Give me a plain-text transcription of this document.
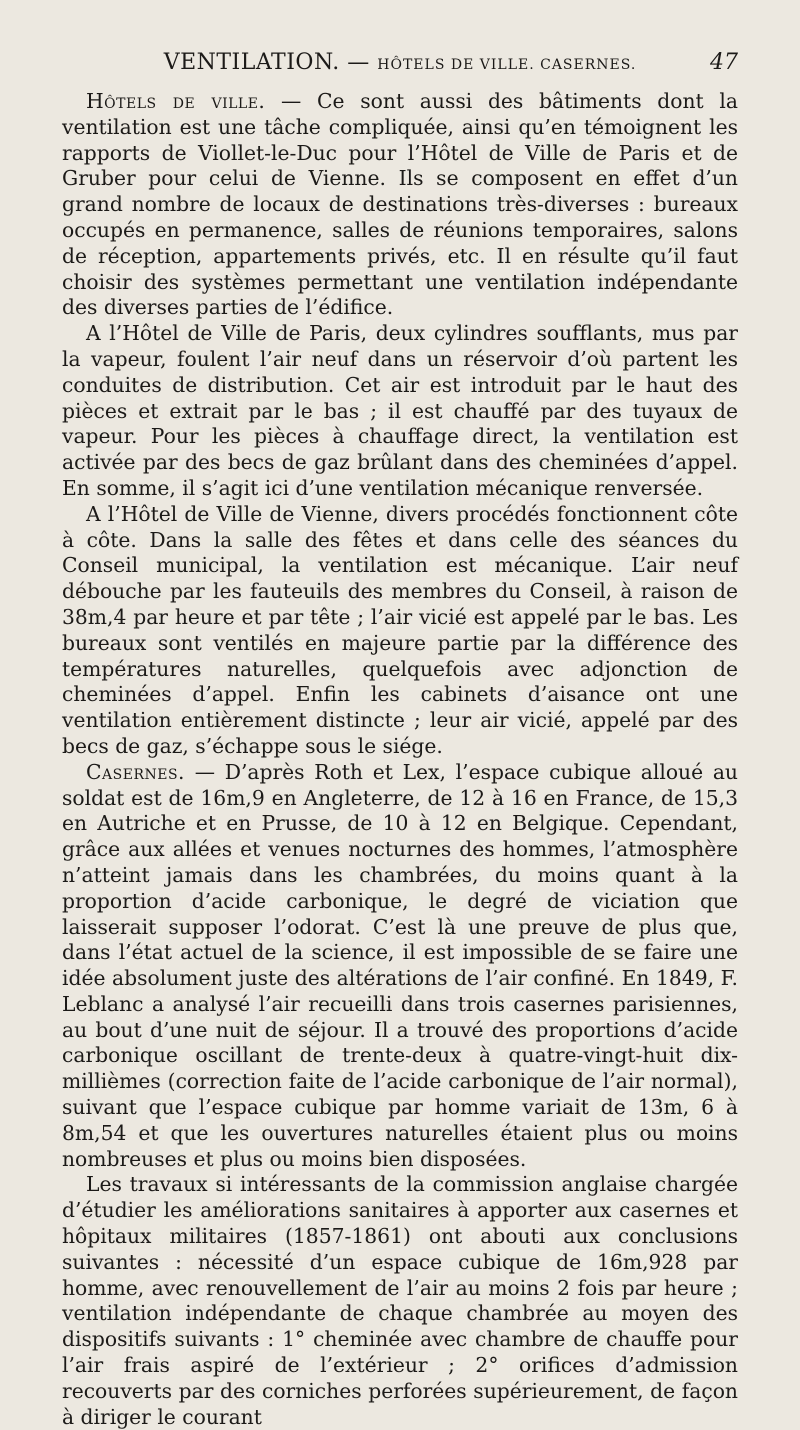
VENTILATION. — HÔTELS DE VILLE. CASERNES.	47

Hôtels de ville. — Ce sont aussi des bâtiments dont la ventilation est une tâche compliquée, ainsi qu’en témoignent les rapports de Viollet-le-Duc pour l’Hôtel de Ville de Paris et de Gruber pour celui de Vienne. Ils se composent en effet d’un grand nombre de locaux de destinations très-diverses : bureaux occupés en permanence, salles de réunions temporaires, salons de réception, appartements privés, etc. Il en résulte qu’il faut choisir des systèmes permettant une ventilation indépendante des diverses parties de l’édifice.

A l’Hôtel de Ville de Paris, deux cylindres soufflants, mus par la vapeur, foulent l’air neuf dans un réservoir d’où partent les conduites de distribution. Cet air est introduit par le haut des pièces et extrait par le bas ; il est chauffé par des tuyaux de vapeur. Pour les pièces à chauffage direct, la ventilation est activée par des becs de gaz brûlant dans des cheminées d’appel. En somme, il s’agit ici d’une ventilation mécanique renversée.

A l’Hôtel de Ville de Vienne, divers procédés fonctionnent côte à côte. Dans la salle des fêtes et dans celle des séances du Conseil municipal, la ventilation est mécanique. L’air neuf débouche par les fauteuils des membres du Conseil, à raison de 38m,4 par heure et par tête ; l’air vicié est appelé par le bas. Les bureaux sont ventilés en majeure partie par la différence des températures naturelles, quelquefois avec adjonction de cheminées d’appel. Enfin les cabinets d’aisance ont une ventilation entièrement distincte ; leur air vicié, appelé par des becs de gaz, s’échappe sous le siége.

Casernes. — D’après Roth et Lex, l’espace cubique alloué au soldat est de 16m,9 en Angleterre, de 12 à 16 en France, de 15,3 en Autriche et en Prusse, de 10 à 12 en Belgique. Cependant, grâce aux allées et venues nocturnes des hommes, l’atmosphère n’atteint jamais dans les chambrées, du moins quant à la proportion d’acide carbonique, le degré de viciation que laisserait supposer l’odorat. C’est là une preuve de plus que, dans l’état actuel de la science, il est impossible de se faire une idée absolument juste des altérations de l’air confiné. En 1849, F. Leblanc a analysé l’air recueilli dans trois casernes parisiennes, au bout d’une nuit de séjour. Il a trouvé des proportions d’acide carbonique oscillant de trente-deux à quatre-vingt-huit dix-millièmes (correction faite de l’acide carbonique de l’air normal), suivant que l’espace cubique par homme variait de 13m, 6 à 8m,54 et que les ouvertures naturelles étaient plus ou moins nombreuses et plus ou moins bien disposées.

Les travaux si intéressants de la commission anglaise chargée d’étudier les améliorations sanitaires à apporter aux casernes et hôpitaux militaires (1857-1861) ont abouti aux conclusions suivantes : nécessité d’un espace cubique de 16m,928 par homme, avec renouvellement de l’air au moins 2 fois par heure ; ventilation indépendante de chaque chambrée au moyen des dispositifs suivants : 1° cheminée avec chambre de chauffe pour l’air frais aspiré de l’extérieur ; 2° orifices d’admission recouverts par des corniches perforées supérieurement, de façon à diriger le courant
